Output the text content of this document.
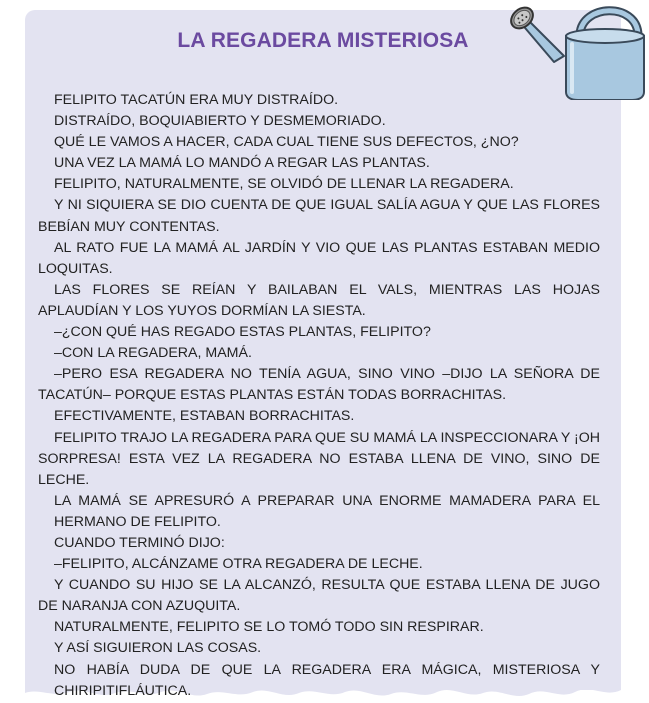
LA REGADERA MISTERIOSA

FELIPITO TACATÚN ERA MUY DISTRAÍDO.

DISTRAÍDO, BOQUIABIERTO Y DESMEMORIADO.

QUÉ LE VAMOS A HACER, CADA CUAL TIENE SUS DEFECTOS, ¿NO?

UNA VEZ LA MAMÁ LO MANDÓ A REGAR LAS PLANTAS.

FELIPITO, NATURALMENTE, SE OLVIDÓ DE LLENAR LA REGADERA.

Y NI SIQUIERA SE DIO CUENTA DE QUE IGUAL SALÍA AGUA Y QUE LAS FLORES BEBÍAN MUY CONTENTAS.

AL RATO FUE LA MAMÁ AL JARDÍN Y VIO QUE LAS PLANTAS ESTABAN MEDIO LOQUITAS.

LAS FLORES SE REÍAN Y BAILABAN EL VALS, MIENTRAS LAS HOJAS APLAUDÍAN Y LOS YUYOS DORMÍAN LA SIESTA.

–¿CON QUÉ HAS REGADO ESTAS PLANTAS, FELIPITO?

–CON LA REGADERA, MAMÁ.

–PERO ESA REGADERA NO TENÍA AGUA, SINO VINO –DIJO LA SEÑORA DE TACATÚN– PORQUE ESTAS PLANTAS ESTÁN TODAS BORRACHITAS.

EFECTIVAMENTE, ESTABAN BORRACHITAS.

FELIPITO TRAJO LA REGADERA PARA QUE SU MAMÁ LA INSPECCIONARA Y ¡OH SORPRESA! ESTA VEZ LA REGADERA NO ESTABA LLENA DE VINO, SINO DE LECHE.

LA MAMÁ SE APRESURÓ A PREPARAR UNA ENORME MAMADERA PARA EL HERMANO DE FELIPITO.

CUANDO TERMINÓ DIJO:

–FELIPITO, ALCÁNZAME OTRA REGADERA DE LECHE.

Y CUANDO SU HIJO SE LA ALCANZÓ, RESULTA QUE ESTABA LLENA DE JUGO DE NARANJA CON AZUQUITA.

NATURALMENTE, FELIPITO SE LO TOMÓ TODO SIN RESPIRAR.

Y ASÍ SIGUIERON LAS COSAS.

NO HABÍA DUDA DE QUE LA REGADERA ERA MÁGICA, MISTERIOSA Y CHIRIPITIFLÁUTICA.
